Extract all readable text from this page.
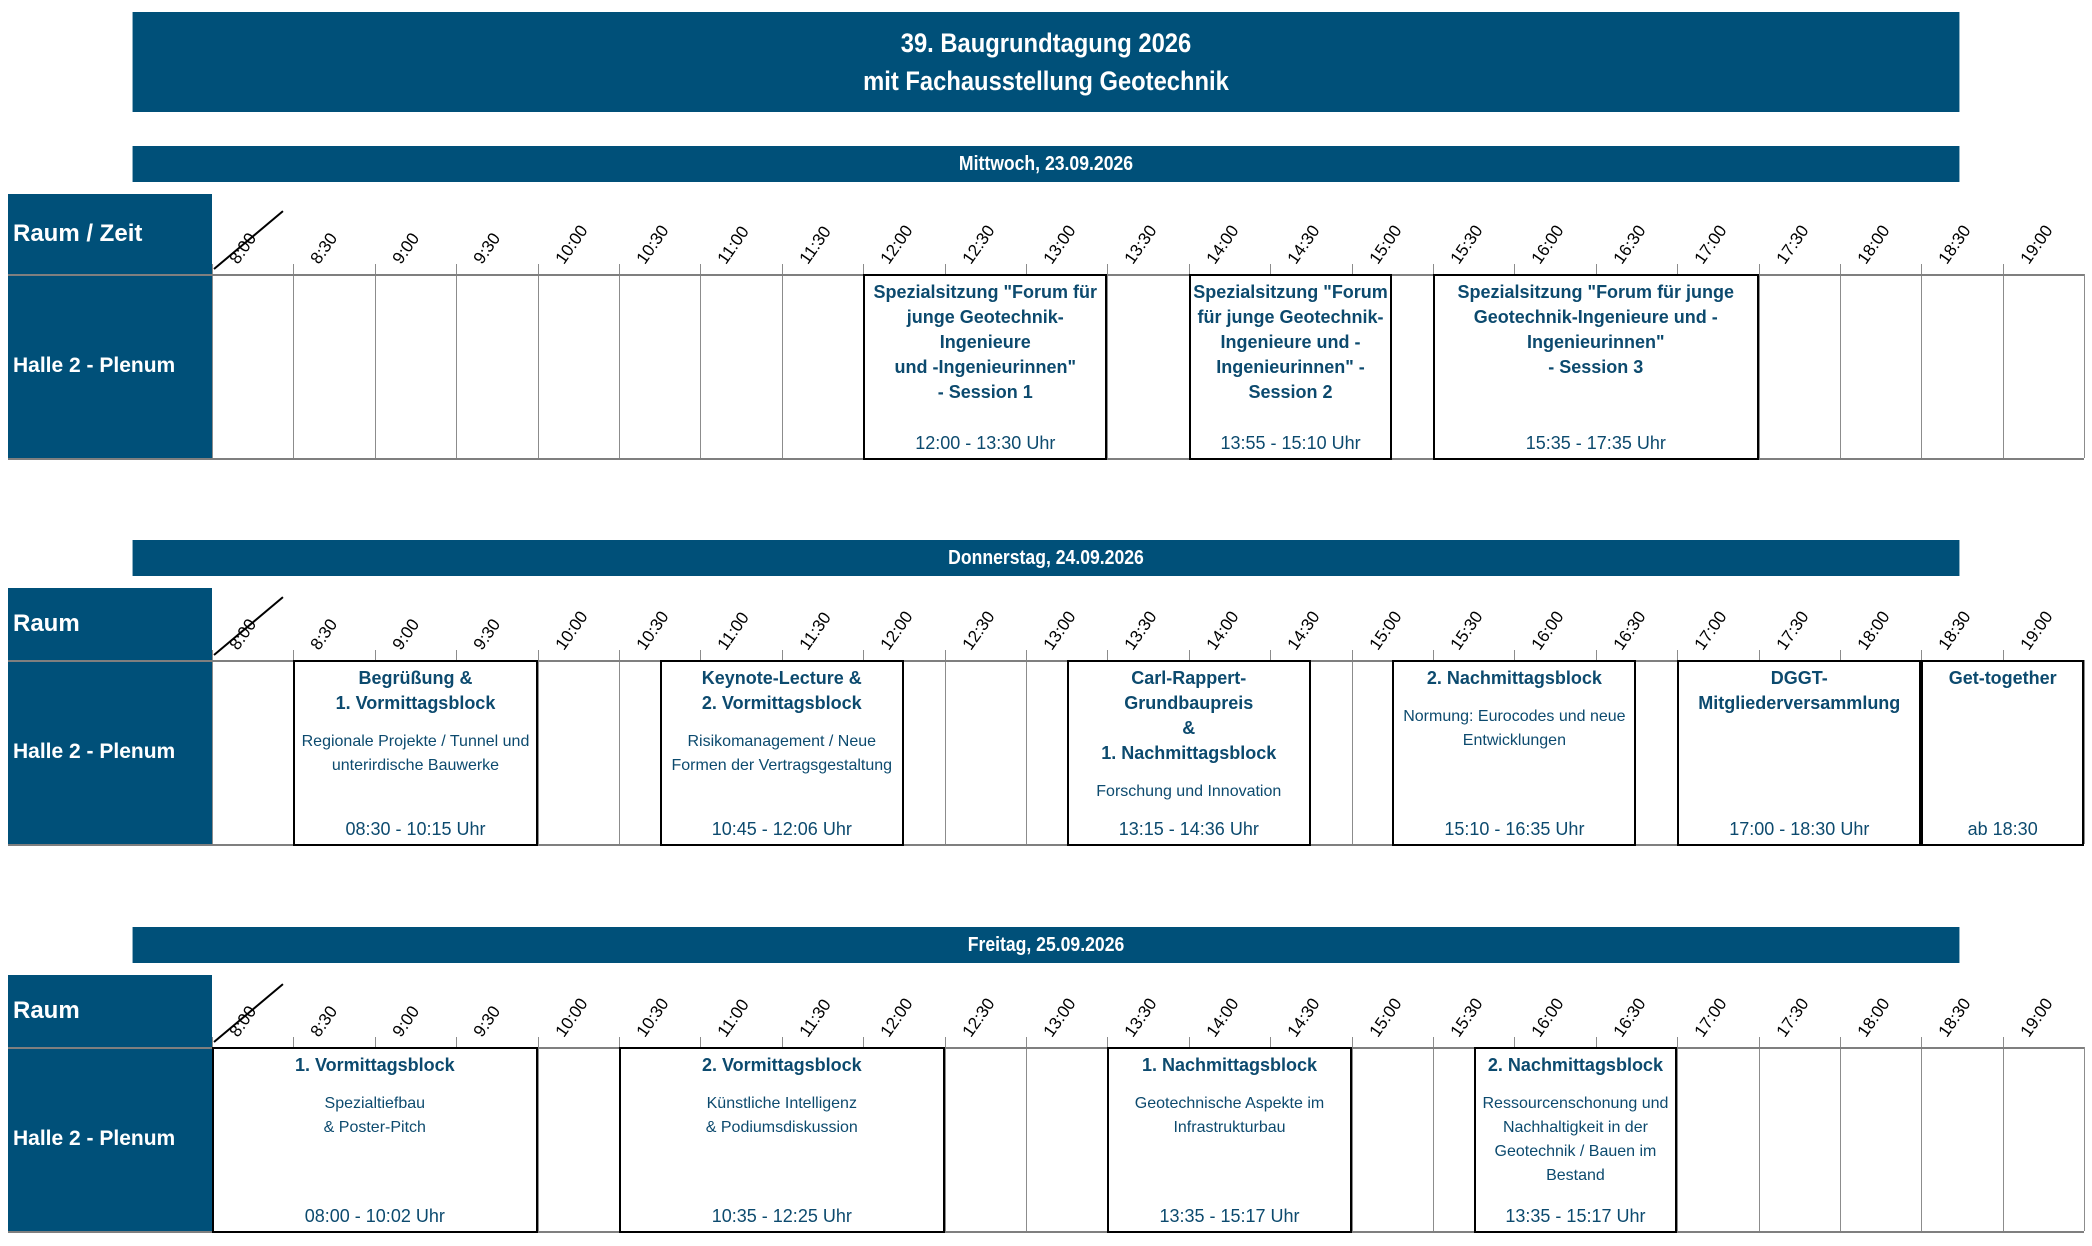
39. Baugrundtagung 2026
mit Fachausstellung Geotechnik
Mittwoch, 23.09.2026
Raum / Zeit
Halle 2 - Plenum
8:00	8:30	9:00	9:30	10:00 10:30 11:00 11:30 12:00 12:30 13:00 13:30 14:00 14:30 15:00 15:30 16:00 16:30 17:00 17:30 18:00 18:30 19:00
Spezialsitzung "Forum für
junge Geotechnik-Ingenieure
und -Ingenieurinnen"
- Session 1
12:00 - 13:30 Uhr
Spezialsitzung "Forum
für junge Geotechnik-
Ingenieure und -
Ingenieurinnen" -
Session 2
13:55 - 15:10 Uhr
Spezialsitzung "Forum für junge
Geotechnik-Ingenieure und -
Ingenieurinnen"
- Session 3
15:35 - 17:35 Uhr
Donnerstag, 24.09.2026
Raum
Halle 2 - Plenum
8:00	8:30	9:00	9:30	10:00 10:30 11:00 11:30 12:00 12:30 13:00 13:30 14:00 14:30 15:00 15:30 16:00 16:30 17:00 17:30 18:00 18:30 19:00
Begrüßung &
1. Vormittagsblock
Regionale Projekte / Tunnel und
unterirdische Bauwerke
08:30 - 10:15 Uhr
Keynote-Lecture &
2. Vormittagsblock
Risikomanagement / Neue
Formen der Vertragsgestaltung
10:45 - 12:06 Uhr
Carl-Rappert-Grundbaupreis
&
1. Nachmittagsblock
Forschung und Innovation
13:15 - 14:36 Uhr
2. Nachmittagsblock
Normung: Eurocodes und neue
Entwicklungen
15:10 - 16:35 Uhr
DGGT-
Mitgliederversammlung
17:00 - 18:30 Uhr
Get-together
ab 18:30
Freitag, 25.09.2026
Raum
Halle 2 - Plenum
8:00	8:30	9:00	9:30	10:00 10:30 11:00 11:30 12:00 12:30 13:00 13:30 14:00 14:30 15:00 15:30 16:00 16:30 17:00 17:30 18:00 18:30 19:00
1. Vormittagsblock
Spezialtiefbau
& Poster-Pitch
08:00 - 10:02 Uhr
2. Vormittagsblock
Künstliche Intelligenz
& Podiumsdiskussion
10:35 - 12:25 Uhr
1. Nachmittagsblock
Geotechnische Aspekte im
Infrastrukturbau
13:35 - 15:17 Uhr
2. Nachmittagsblock
Ressourcenschonung und
Nachhaltigkeit in der
Geotechnik / Bauen im
Bestand
13:35 - 15:17 Uhr
